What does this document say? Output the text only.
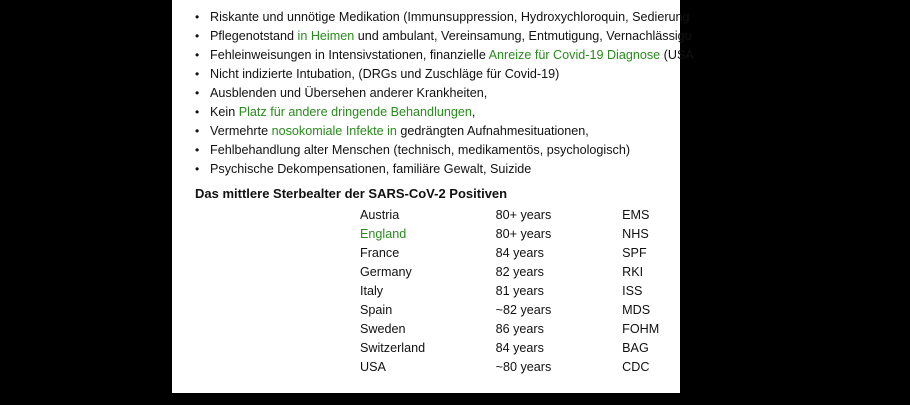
• Riskante und unnötige Medikation (Immunsuppression, Hydroxychloroquin, Sedierung
• Pflegenotstand in Heimen und ambulant, Vereinsamung, Entmutigung, Vernachlässigu
• Fehleinweisungen in Intensivstationen, finanzielle Anreize für Covid-19 Diagnose (USA
• Nicht indizierte Intubation, (DRGs und Zuschläge für Covid-19)
• Ausblenden und Übersehen anderer Krankheiten,
• Kein Platz für andere dringende Behandlungen,
• Vermehrte nosokomiale Infekte in gedrängten Aufnahmesituationen,
• Fehlbehandlung alter Menschen (technisch, medikamentös, psychologisch)
• Psychische Dekompensationen, familiäre Gewalt, Suizide
Das mittlere Sterbealter der SARS-CoV-2 Positiven
Austria	80+ years	EMS
England	80+ years	NHS
France	84 years	SPF
Germany	82 years	RKI
Italy	81 years	ISS
Spain	~82 years	MDS
Sweden	86 years	FOHM
Switzerland	84 years	BAG
USA	~80 years	CDC
